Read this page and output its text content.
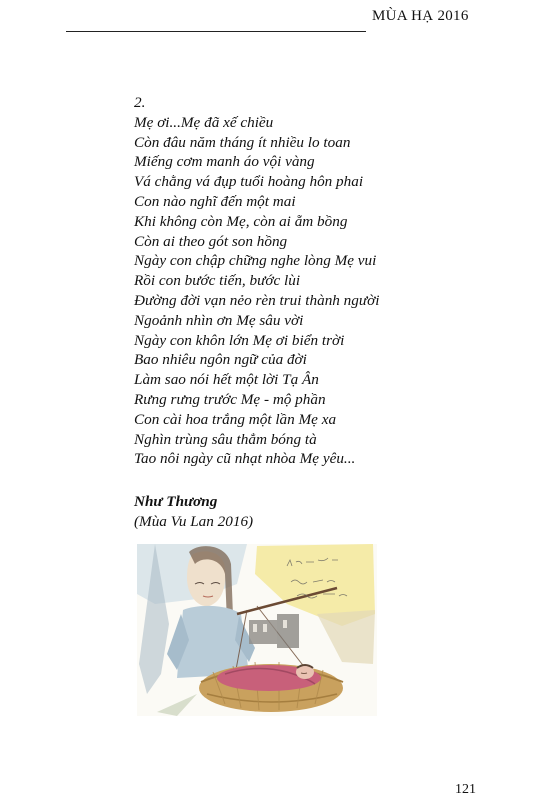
MÙA HẠ 2016
2.
Mẹ ơi...Mẹ đã xế chiều
Còn đâu năm tháng ít nhiều lo toan
Miếng cơm manh áo vội vàng
Vá chằng vá đụp tuổi hoàng hôn phai
Con nào nghĩ đến một mai
Khi không còn Mẹ, còn ai ẵm bồng
Còn ai theo gót son hồng
Ngày con chập chững nghe lòng Mẹ vui
Rồi con bước tiến, bước lùi
Đường đời vạn nẻo rèn trui thành người
Ngoảnh nhìn ơn Mẹ sâu vời
Ngày con khôn lớn Mẹ ơi biển trời
Bao nhiêu ngôn ngữ của đời
Làm sao nói hết một lời Tạ Ân
Rưng rưng trước Mẹ - mộ phần
Con cài hoa trắng một lần Mẹ xa
Nghìn trùng sâu thẳm bóng tà
Tao nôi ngày cũ nhạt nhòa Mẹ yêu...
Như Thương
(Mùa Vu Lan 2016)
121
